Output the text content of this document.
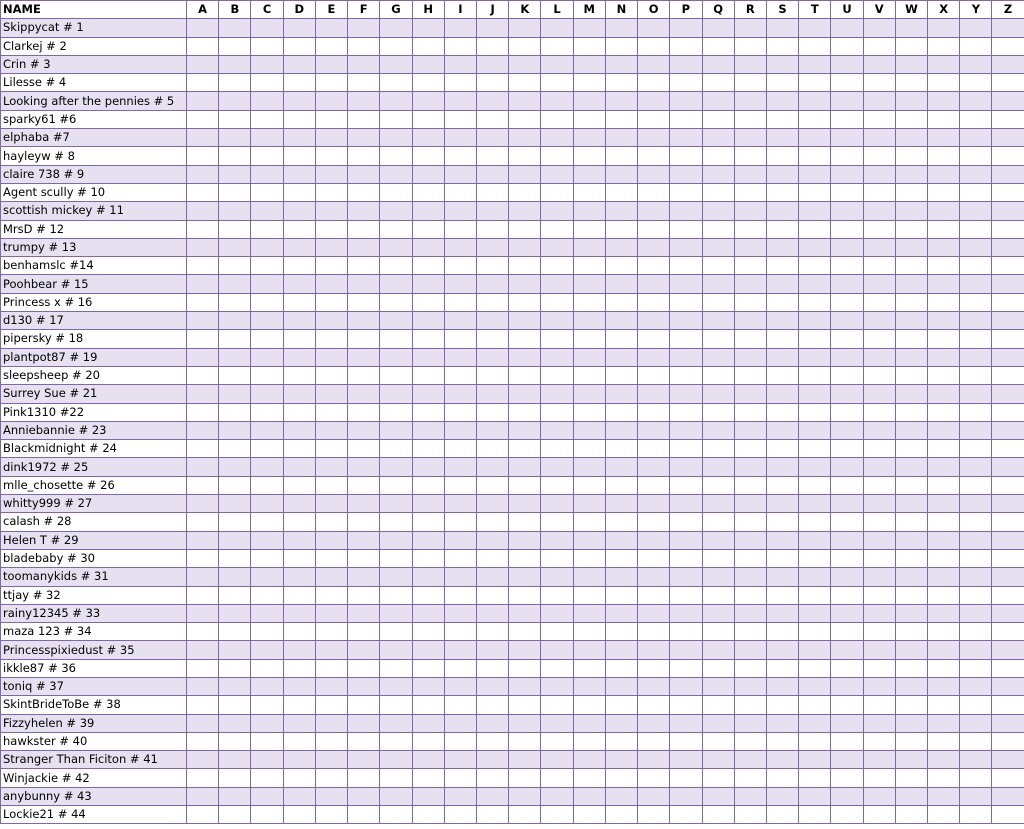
NAME	A	B	C	D	E	F	G	H	I	J	K	L	M	N	O	P	Q	R	S	T	U	V	W	X	Y	Z
Skippycat # 1																										
Clarkej # 2																										
Crin # 3																										
Lilesse # 4																										
Looking after the pennies # 5																										
sparky61 #6																										
elphaba #7																										
hayleyw # 8																										
claire 738 # 9																										
Agent scully # 10																										
scottish mickey # 11																										
MrsD # 12																										
trumpy # 13																										
benhamslc #14																										
Poohbear # 15																										
Princess x # 16																										
d130 # 17																										
pipersky # 18																										
plantpot87 # 19																										
sleepsheep # 20																										
Surrey Sue # 21																										
Pink1310 #22																										
Anniebannie # 23																										
Blackmidnight # 24																										
dink1972 # 25																										
mlle_chosette # 26																										
whitty999 # 27																										
calash # 28																										
Helen T # 29																										
bladebaby # 30																										
toomanykids # 31																										
ttjay # 32																										
rainy12345 # 33																										
maza 123 # 34																										
Princesspixiedust # 35																										
ikkle87 # 36																										
toniq # 37																										
SkintBrideToBe # 38																										
Fizzyhelen # 39																										
hawkster # 40																										
Stranger Than Ficiton # 41																										
Winjackie # 42																										
anybunny # 43																										
Lockie21 # 44																										
